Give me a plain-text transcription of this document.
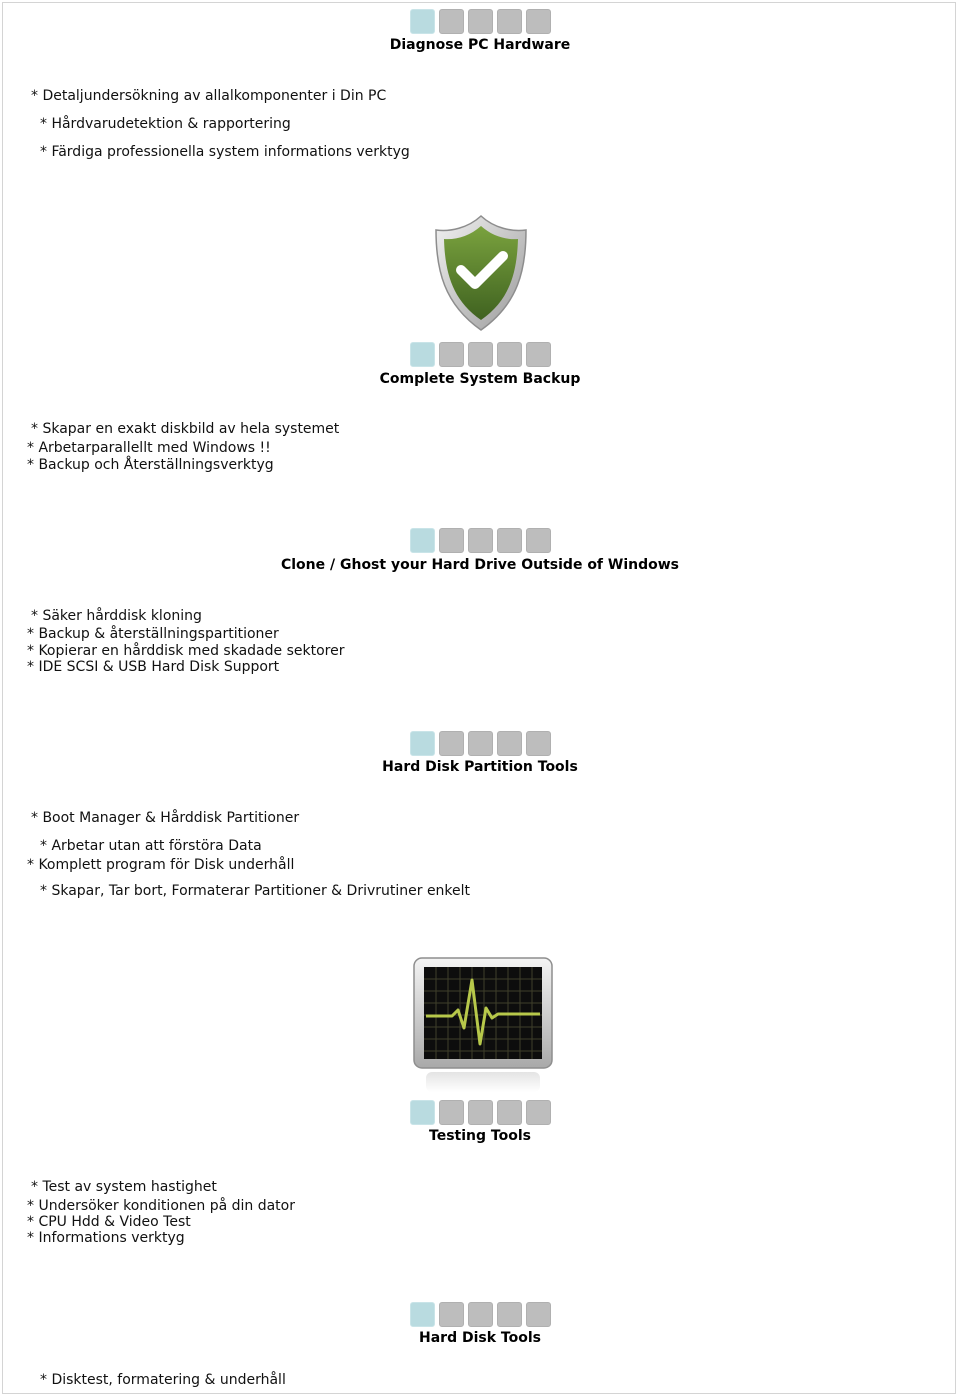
Diagnose PC Hardware
* Detaljundersökning av allalkomponenter i Din PC
* Hårdvarudetektion & rapportering
* Färdiga professionella system informations verktyg
Complete System Backup
* Skapar en exakt diskbild av hela systemet
* Arbetarparallellt med Windows !!
* Backup och Återställningsverktyg
Clone / Ghost your Hard Drive Outside of Windows
* Säker hårddisk kloning
* Backup & återställningspartitioner
* Kopierar en hårddisk med skadade sektorer
* IDE SCSI & USB Hard Disk Support
Hard Disk Partition Tools
* Boot Manager & Hårddisk Partitioner
* Arbetar utan att förstöra Data
* Komplett program för Disk underhåll
* Skapar, Tar bort, Formaterar Partitioner & Drivrutiner enkelt
Testing Tools
* Test av system hastighet
* Undersöker konditionen på din dator
* CPU Hdd & Video Test
* Informations verktyg
Hard Disk Tools
* Disktest, formatering & underhåll
